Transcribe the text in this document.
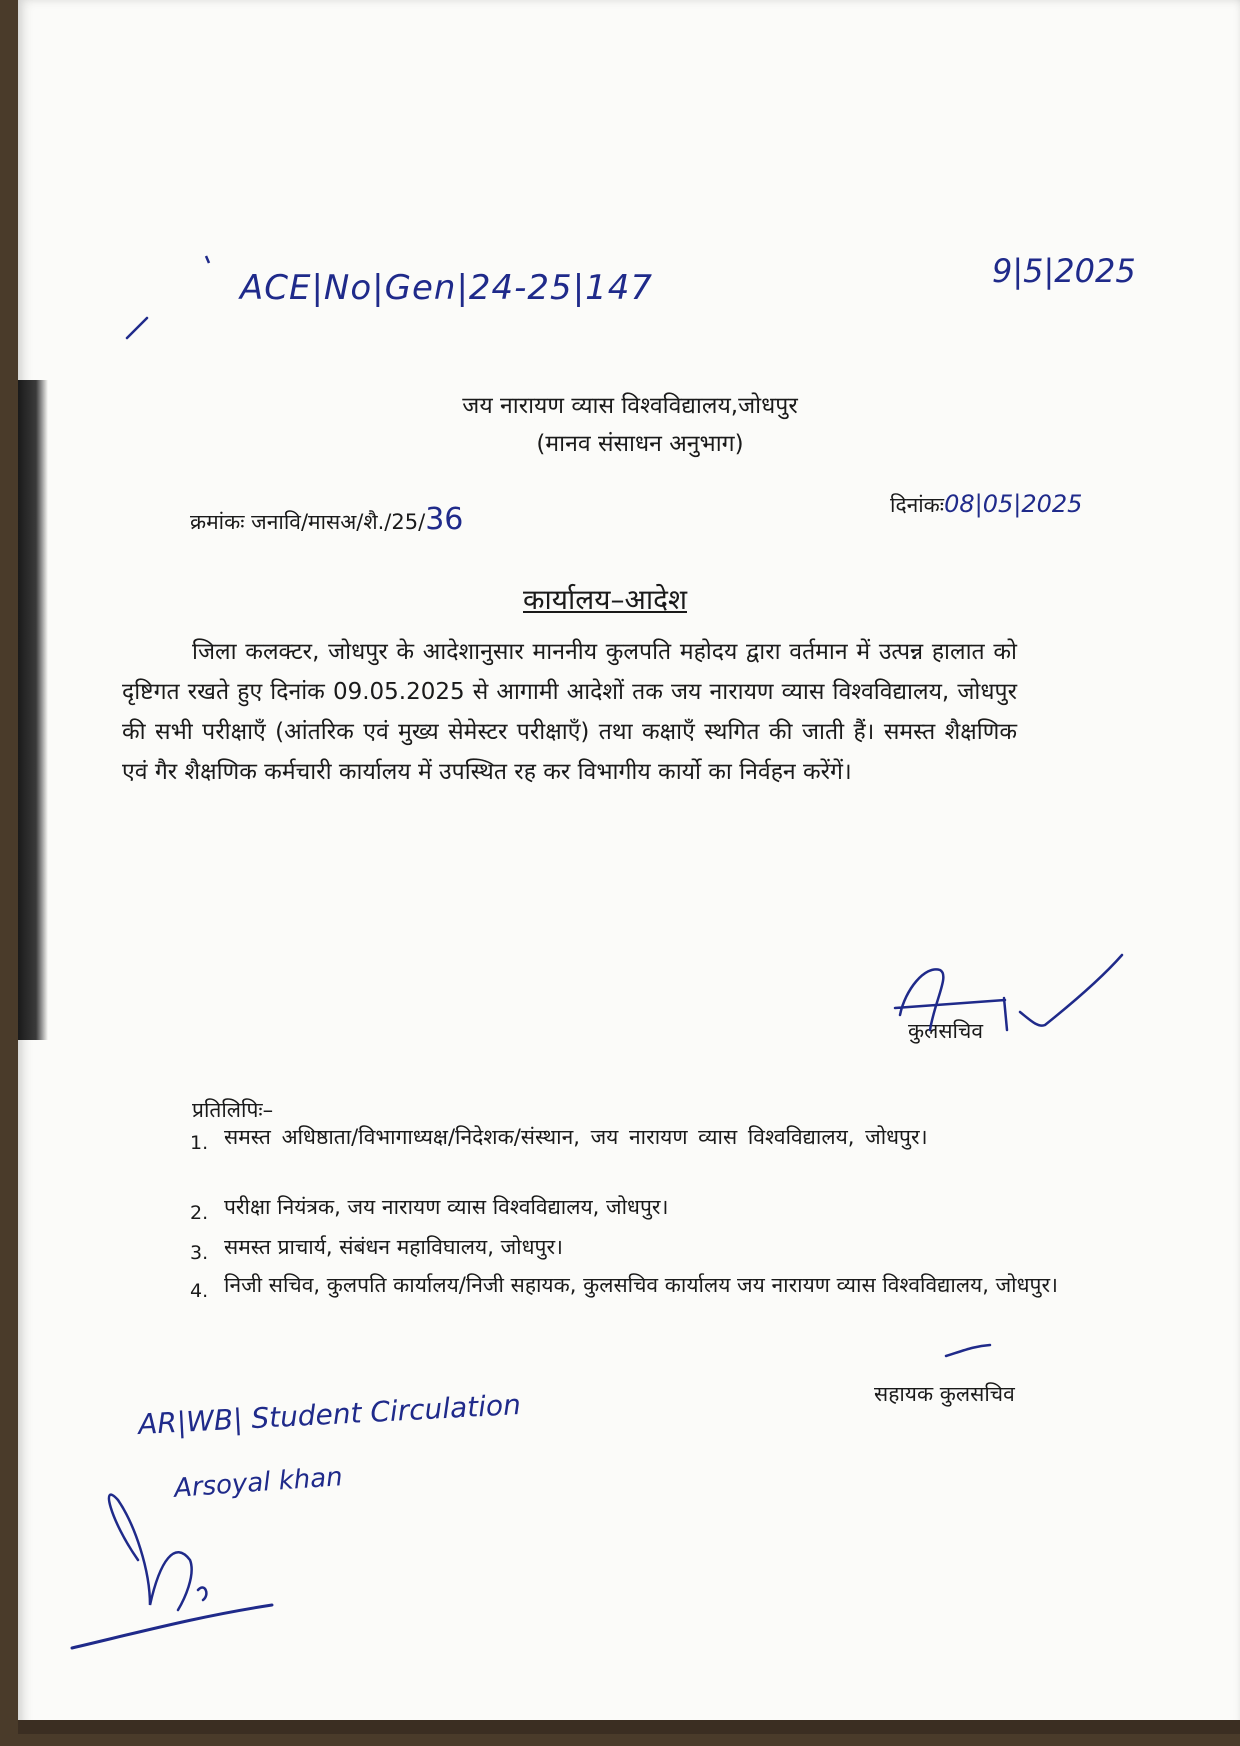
ACE|No|Gen|24-25|147	9|5|2025
जय नारायण व्यास विश्वविद्यालय,जोधपुर
(मानव संसाधन अनुभाग)
क्रमांकः जनावि/मासअ/शै./25/36	दिनांकः08|05|2025
कार्यालय–आदेश
जिला कलक्टर, जोधपुर के आदेशानुसार माननीय कुलपति महोदय द्वारा वर्तमान में उत्पन्न हालात को दृष्टिगत रखते हुए दिनांक 09.05.2025 से आगामी आदेशों तक जय नारायण व्यास विश्वविद्यालय, जोधपुर की सभी परीक्षाएँ (आंतरिक एवं मुख्य सेमेस्टर परीक्षाएँ) तथा कक्षाएँ स्थगित की जाती हैं। समस्त शैक्षणिक एवं गैर शैक्षणिक कर्मचारी कार्यालय में उपस्थित रह कर विभागीय कार्यो का निर्वहन करेंगें।
कुलसचिव
प्रतिलिपिः–
1. समस्त अधिष्ठाता/विभागाध्यक्ष/निदेशक/संस्थान, जय नारायण व्यास विश्वविद्यालय, जोधपुर।
2. परीक्षा नियंत्रक, जय नारायण व्यास विश्वविद्यालय, जोधपुर।
3. समस्त प्राचार्य, संबंधन महाविघालय, जोधपुर।
4. निजी सचिव, कुलपति कार्यालय/निजी सहायक, कुलसचिव कार्यालय जय नारायण व्यास विश्वविद्यालय, जोधपुर।
सहायक कुलसचिव
AR|WB| Student Circulation
Arsoyal khan
